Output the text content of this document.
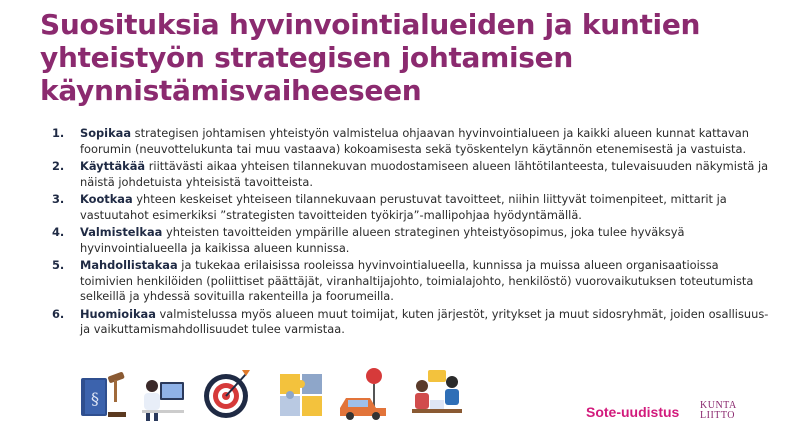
Suosituksia hyvinvointialueiden ja kuntien yhteistyön strategisen johtamisen käynnistämisvaiheeseen
1. Sopikaa strategisen johtamisen yhteistyön valmistelua ohjaavan hyvinvointialueen ja kaikki alueen kunnat kattavan foorumin (neuvottelukunta tai muu vastaava) kokoamisesta sekä työskentelyn käytännön etenemisestä ja vastuista.
2. Käyttäkää riittävästi aikaa yhteisen tilannekuvan muodostamiseen alueen lähtötilanteesta, tulevaisuuden näkymistä ja näistä johdetuista yhteisistä tavoitteista.
3. Kootkaa yhteen keskeiset yhteiseen tilannekuvaan perustuvat tavoitteet, niihin liittyvät toimenpiteet, mittarit ja vastuutahot esimerkiksi ”strategisten tavoitteiden työkirja”-mallipohjaa hyödyntämällä.
4. Valmistelkaa yhteisten tavoitteiden ympärille alueen strateginen yhteistyösopimus, joka tulee hyväksyä hyvinvointialueella ja kaikissa alueen kunnissa.
5. Mahdollistakaa ja tukekaa erilaisissa rooleissa hyvinvointialueella, kunnissa ja muissa alueen organisaatioissa toimivien henkilöiden (poliittiset päättäjät, viranhaltijajohto, toimialajohto, henkilöstö) vuorovaikutuksen toteutumista selkeillä ja yhdessä sovituilla rakenteilla ja foorumeilla.
6. Huomioikaa valmistelussa myös alueen muut toimijat, kuten järjestöt, yritykset ja muut sidosryhmät, joiden osallisuus- ja vaikuttamismahdollisuudet tulee varmistaa.
§
Sote-uudistus KUNTA LIITTO
